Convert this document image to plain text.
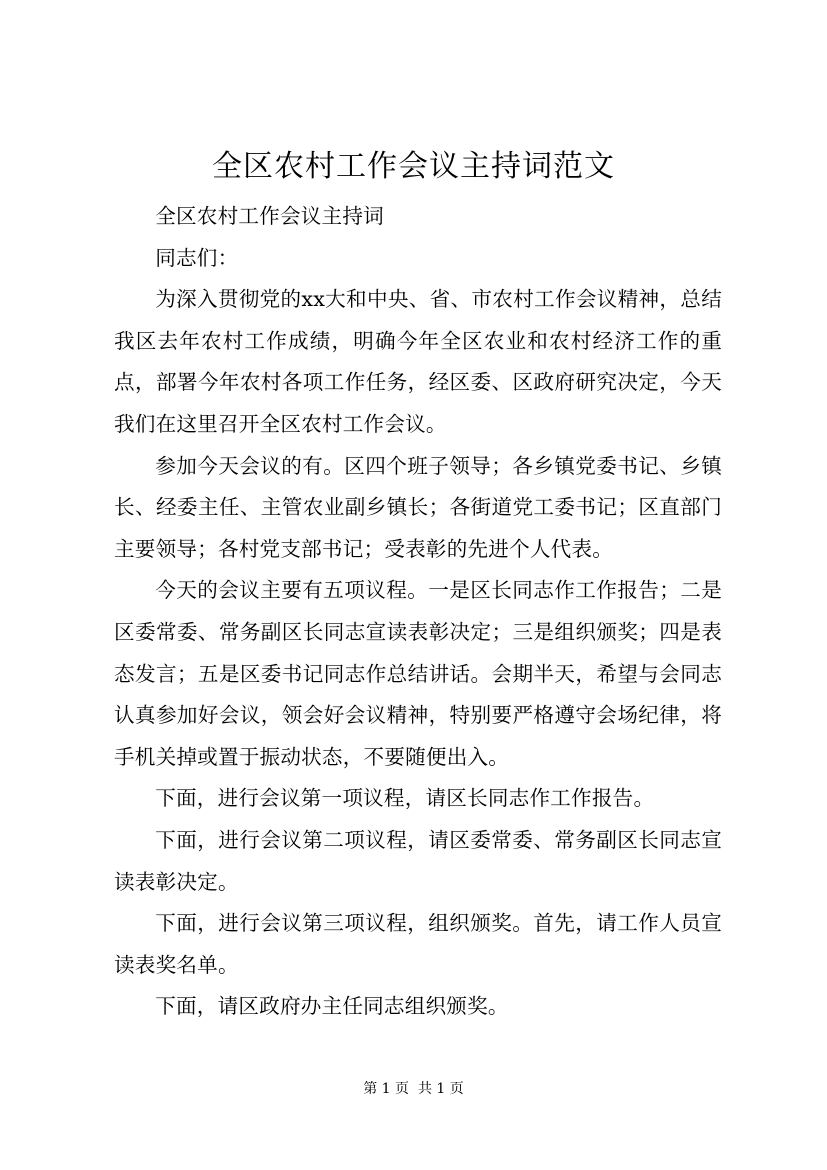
全区农村工作会议主持词范文

全区农村工作会议主持词

同志们：

为深入贯彻党的xx大和中央、省、市农村工作会议精神，总结我区去年农村工作成绩，明确今年全区农业和农村经济工作的重点，部署今年农村各项工作任务，经区委、区政府研究决定，今天我们在这里召开全区农村工作会议。

参加今天会议的有。区四个班子领导；各乡镇党委书记、乡镇长、经委主任、主管农业副乡镇长；各街道党工委书记；区直部门主要领导；各村党支部书记；受表彰的先进个人代表。

今天的会议主要有五项议程。一是区长同志作工作报告；二是区委常委、常务副区长同志宣读表彰决定；三是组织颁奖；四是表态发言；五是区委书记同志作总结讲话。会期半天，希望与会同志认真参加好会议，领会好会议精神，特别要严格遵守会场纪律，将手机关掉或置于振动状态，不要随便出入。

下面，进行会议第一项议程，请区长同志作工作报告。

下面，进行会议第二项议程，请区委常委、常务副区长同志宣读表彰决定。

下面，进行会议第三项议程，组织颁奖。首先，请工作人员宣读表奖名单。

下面，请区政府办主任同志组织颁奖。

第 1 页  共 1 页
